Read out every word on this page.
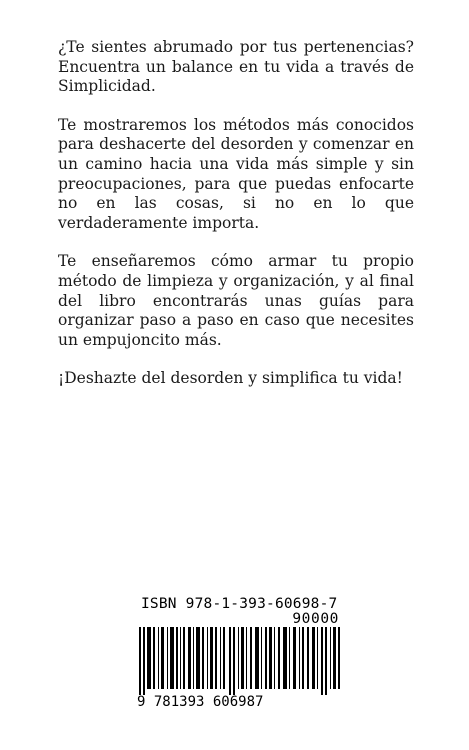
¿Te sientes abrumado por tus pertenencias? Encuentra un balance en tu vida a través de Simplicidad.

Te mostraremos los métodos más conocidos para deshacerte del desorden y comenzar en un camino hacia una vida más simple y sin preocupaciones, para que puedas enfocarte no en las cosas, si no en lo que verdaderamente importa.

Te enseñaremos cómo armar tu propio método de limpieza y organización, y al final del libro encontrarás unas guías para organizar paso a paso en caso que necesites un empujoncito más.

¡Deshazte del desorden y simplifica tu vida!

ISBN 978-1-393-60698-7
90000
9 781393 606987
